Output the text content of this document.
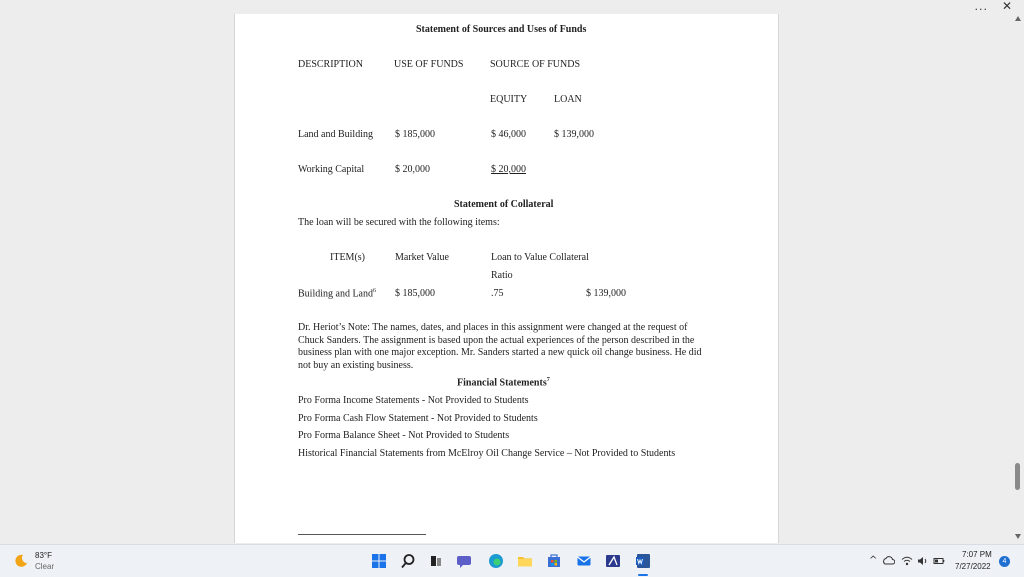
... ✕
Statement of Sources and Uses of Funds
DESCRIPTION	USE OF FUNDS	SOURCE OF FUNDS
EQUITY	LOAN
Land and Building $ 185,000	$ 46,000	$ 139,000
Working Capital	$ 20,000	$ 20,000
Statement of Collateral
The loan will be secured with the following items:
ITEM(s)	Market Value	Loan to Value Collateral
Ratio
Building and Land$^6$ $ 185,000	.75	$ 139,000
Dr. Heriot’s Note: The names, dates, and places in this assignment were changed at the request of Chuck Sanders. The assignment is based upon the actual experiences of the person described in the business plan with one major exception. Mr. Sanders started a new quick oil change business. He did not buy an existing business.
Financial Statements$^7$
Pro Forma Income Statements - Not Provided to Students
Pro Forma Cash Flow Statement - Not Provided to Students
Pro Forma Balance Sheet - Not Provided to Students
Historical Financial Statements from McElroy Oil Change Service – Not Provided to Students
83°F
Clear
^
7:07 PM
7/27/2022
4
